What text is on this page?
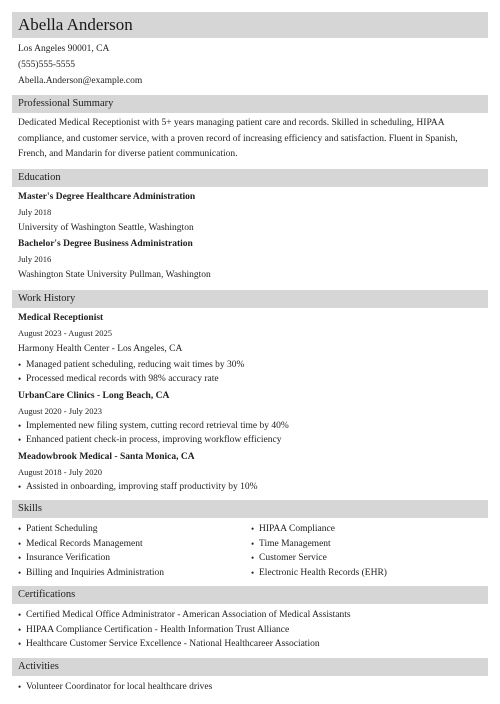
Abella Anderson
Los Angeles 90001, CA
(555)555-5555
Abella.Anderson@example.com
Professional Summary
Dedicated Medical Receptionist with 5+ years managing patient care and records. Skilled in scheduling, HIPAA compliance, and customer service, with a proven record of increasing efficiency and satisfaction. Fluent in Spanish, French, and Mandarin for diverse patient communication.
Education
Master's Degree Healthcare Administration
July 2018
University of Washington Seattle, Washington
Bachelor's Degree Business Administration
July 2016
Washington State University Pullman, Washington
Work History
Medical Receptionist
August 2023 - August 2025
Harmony Health Center - Los Angeles, CA
• Managed patient scheduling, reducing wait times by 30%
• Processed medical records with 98% accuracy rate
UrbanCare Clinics - Long Beach, CA
August 2020 - July 2023
• Implemented new filing system, cutting record retrieval time by 40%
• Enhanced patient check-in process, improving workflow efficiency
Meadowbrook Medical - Santa Monica, CA
August 2018 - July 2020
• Assisted in onboarding, improving staff productivity by 10%
Skills
• Patient Scheduling
• Medical Records Management
• Insurance Verification
• Billing and Inquiries Administration
• HIPAA Compliance
• Time Management
• Customer Service
• Electronic Health Records (EHR)
Certifications
• Certified Medical Office Administrator - American Association of Medical Assistants
• HIPAA Compliance Certification - Health Information Trust Alliance
• Healthcare Customer Service Excellence - National Healthcareer Association
Activities
• Volunteer Coordinator for local healthcare drives
